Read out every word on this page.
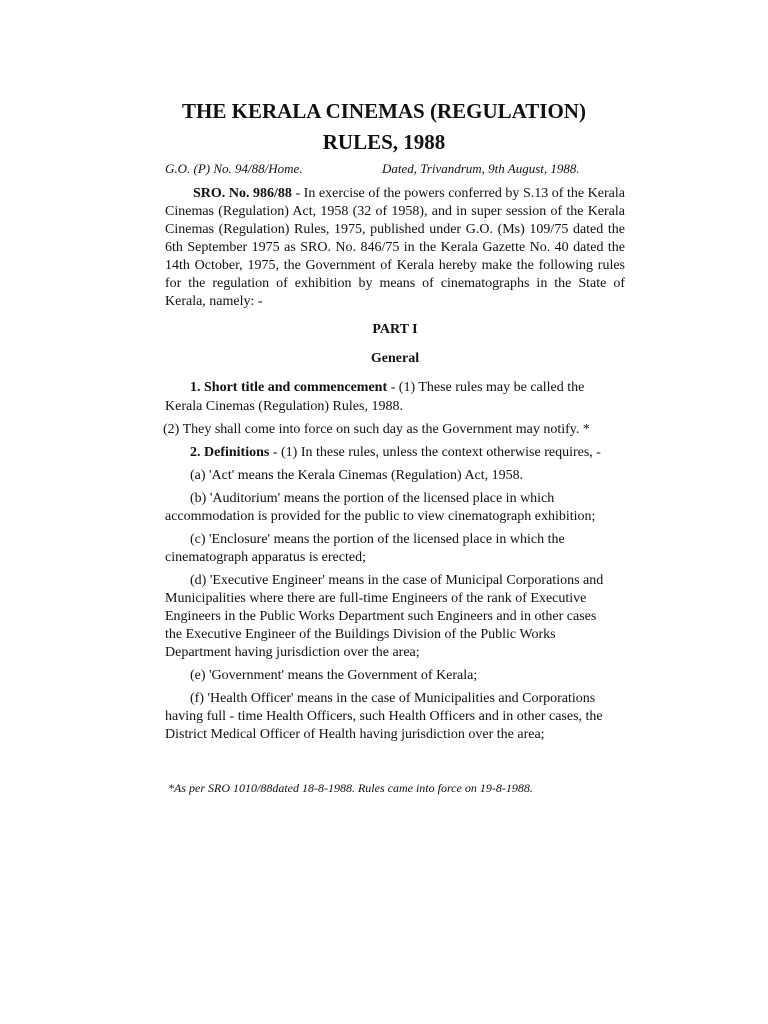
THE KERALA CINEMAS (REGULATION)
RULES, 1988
G.O. (P) No. 94/88/Home.	Dated, Trivandrum, 9th August, 1988.
SRO. No. 986/88 - In exercise of the powers conferred by S.13 of the Kerala Cinemas (Regulation) Act, 1958 (32 of 1958), and in super session of the Kerala Cinemas (Regulation) Rules, 1975, published under G.O. (Ms) 109/75 dated the 6th September 1975 as SRO. No. 846/75 in the Kerala Gazette No. 40 dated the 14th October, 1975, the Government of Kerala hereby make the following rules for the regulation of exhibition by means of cinematographs in the State of Kerala, namely: -
PART I
General
1. Short title and commencement - (1) These rules may be called the
Kerala Cinemas (Regulation) Rules, 1988.
(2) They shall come into force on such day as the Government may notify. *
2. Definitions - (1) In these rules, unless the context otherwise requires, -
(a) 'Act' means the Kerala Cinemas (Regulation) Act, 1958.
(b) 'Auditorium' means the portion of the licensed place in which
accommodation is provided for the public to view cinematograph exhibition;
(c) 'Enclosure' means the portion of the licensed place in which the
cinematograph apparatus is erected;
(d) 'Executive Engineer' means in the case of Municipal Corporations and
Municipalities where there are full-time Engineers of the rank of Executive
Engineers in the Public Works Department such Engineers and in other cases
the Executive Engineer of the Buildings Division of the Public Works
Department having jurisdiction over the area;
(e) 'Government' means the Government of Kerala;
(f) 'Health Officer' means in the case of Municipalities and Corporations
having full - time Health Officers, such Health Officers and in other cases, the
District Medical Officer of Health having jurisdiction over the area;
*As per SRO 1010/88dated 18-8-1988. Rules came into force on 19-8-1988.
